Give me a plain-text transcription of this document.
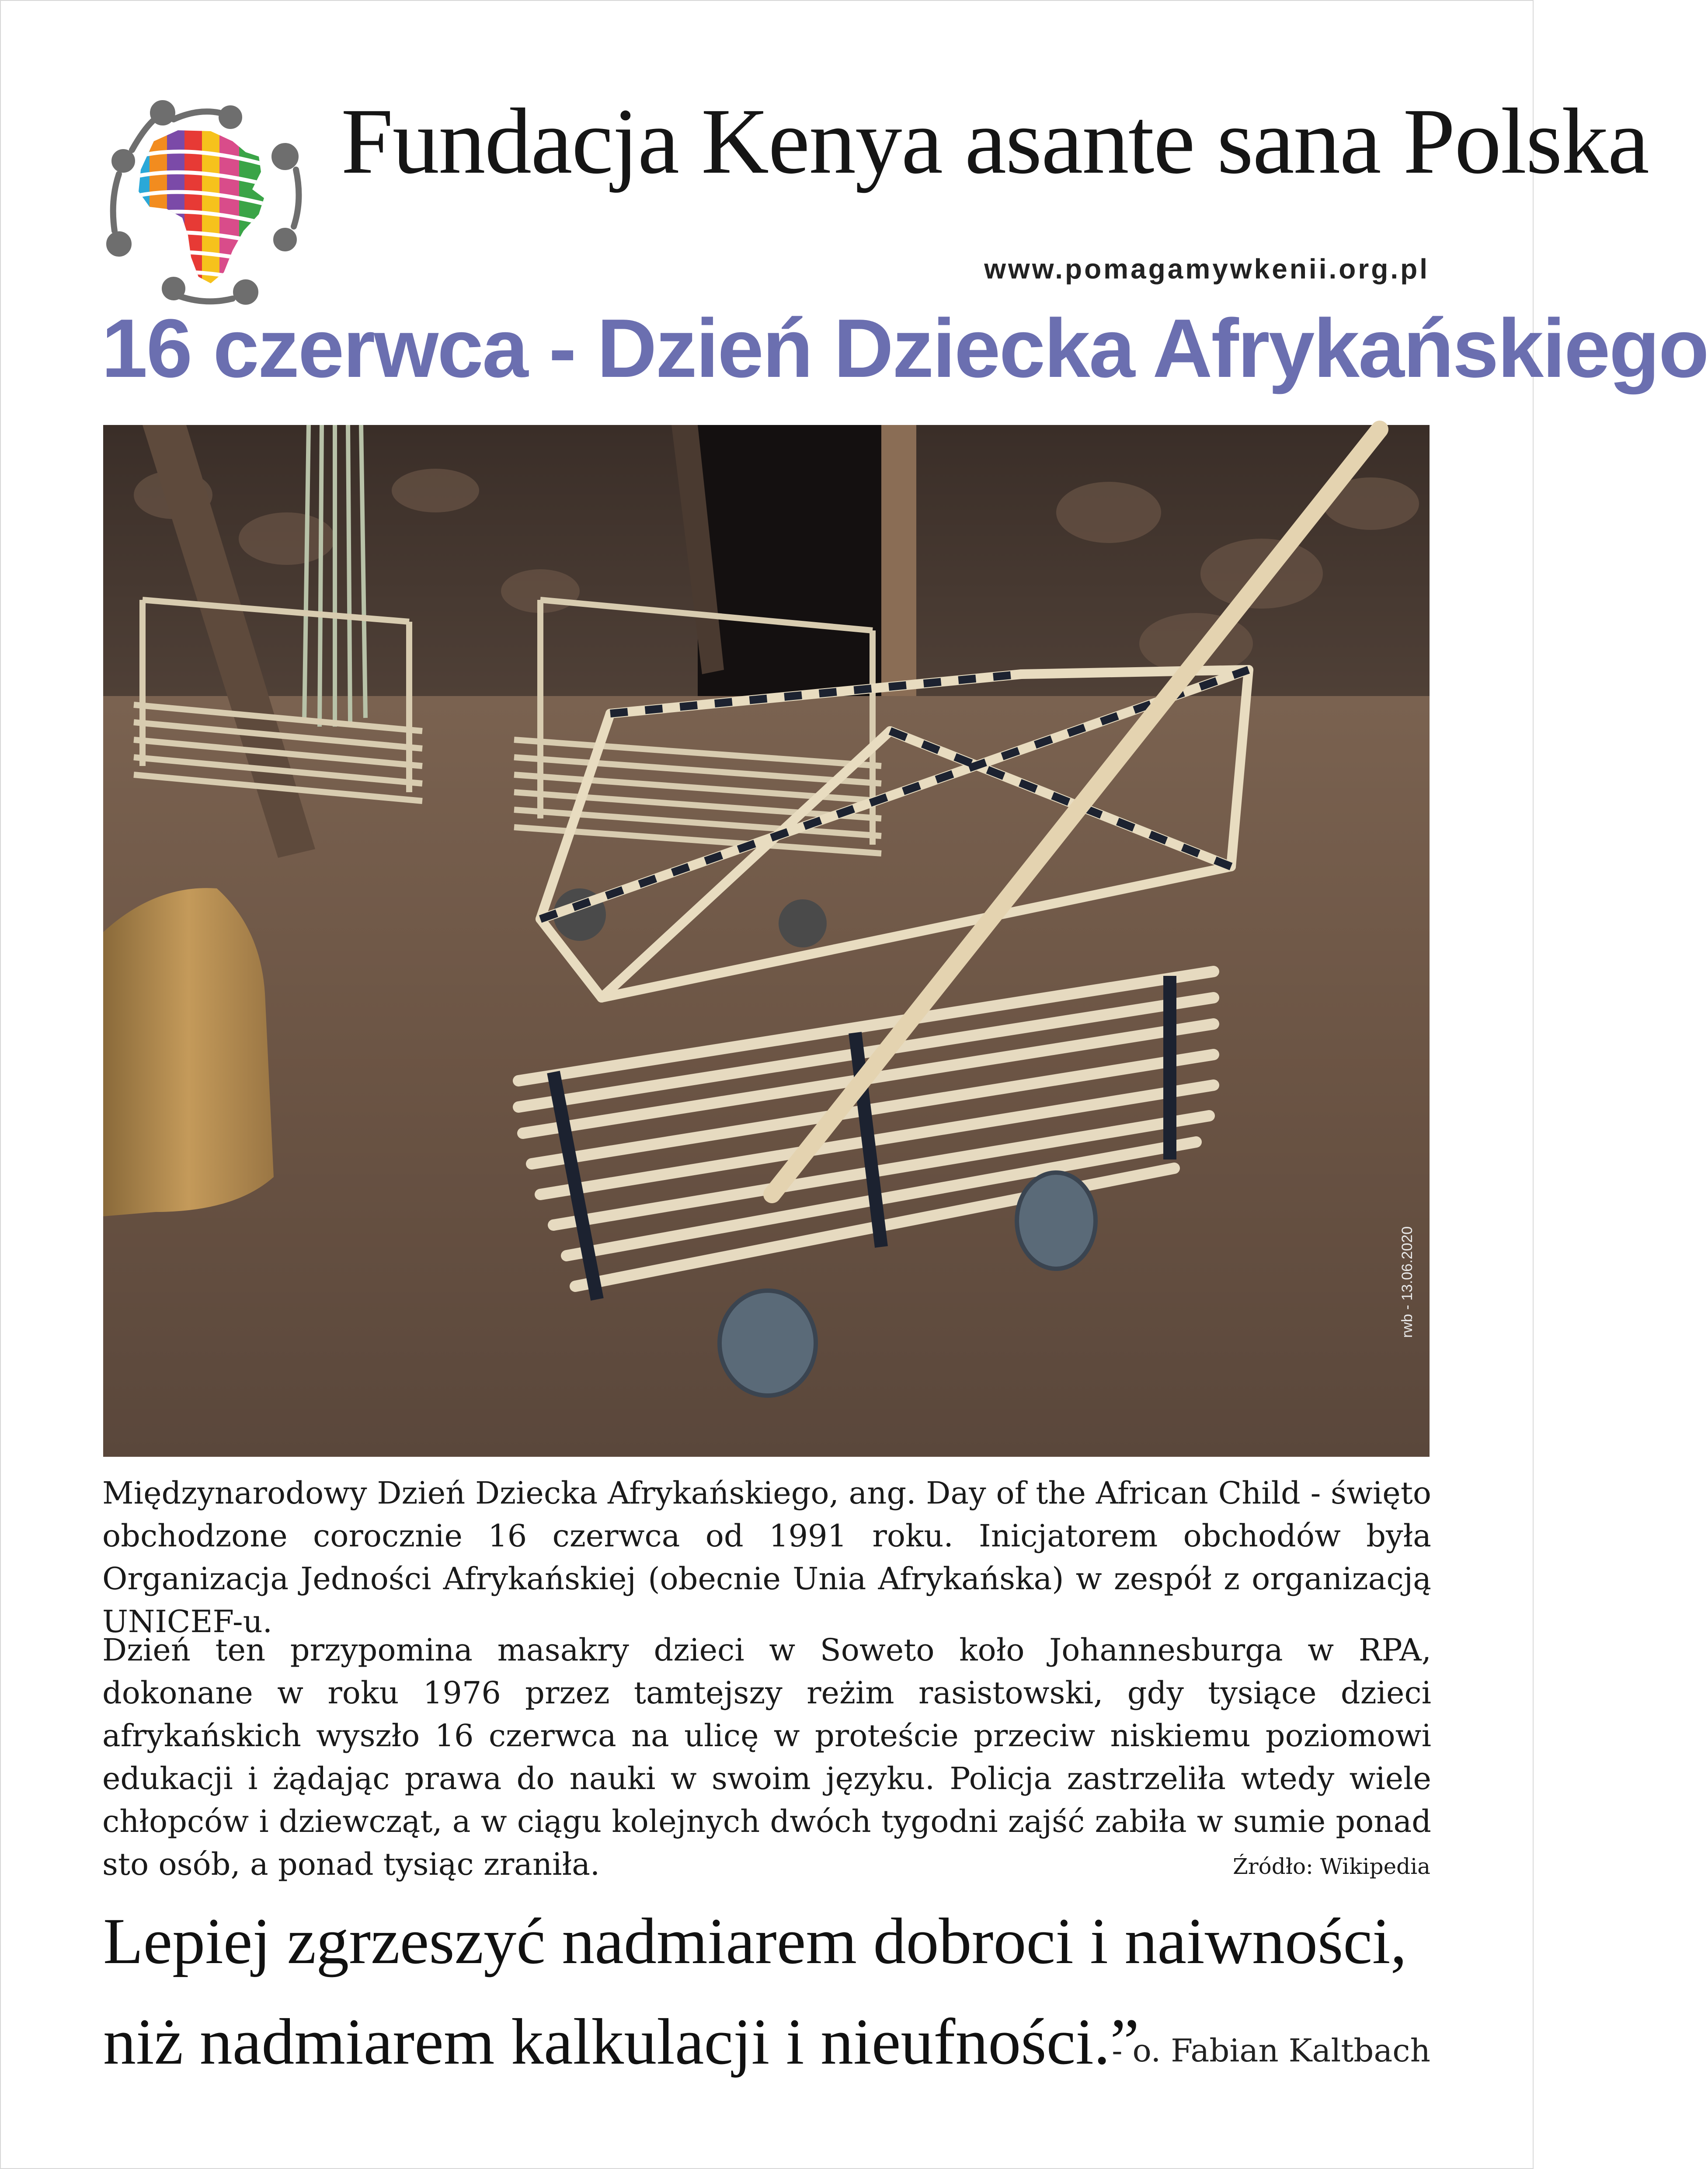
Fundacja Kenya asante sana Polska
www.pomagamywkenii.org.pl
16 czerwca - Dzień Dziecka Afrykańskiego
rwb - 13.06.2020
Międzynarodowy Dzień Dziecka Afrykańskiego, ang. Day of the African Child - święto obchodzone corocznie 16 czerwca od 1991 roku. Inicjatorem obchodów była Organizacja Jedności Afrykańskiej (obecnie Unia Afrykańska) w zespół z organizacją UNICEF-u.
Dzień ten przypomina masakry dzieci w Soweto koło Johannesburga w RPA, dokonane w roku 1976 przez tamtejszy reżim rasistowski, gdy tysiące dzieci afrykańskich wyszło 16 czerwca na ulicę w proteście przeciw niskiemu poziomowi edukacji i żądając prawa do nauki w swoim języku. Policja zastrzeliła wtedy wiele chłopców i dziewcząt, a w ciągu kolejnych dwóch tygodni zajść zabiła w sumie ponad sto osób, a ponad tysiąc zraniła.	Źródło: Wikipedia
Lepiej zgrzeszyć nadmiarem dobroci i naiwności,
niż nadmiarem kalkulacji i nieufności.”
- o. Fabian Kaltbach
